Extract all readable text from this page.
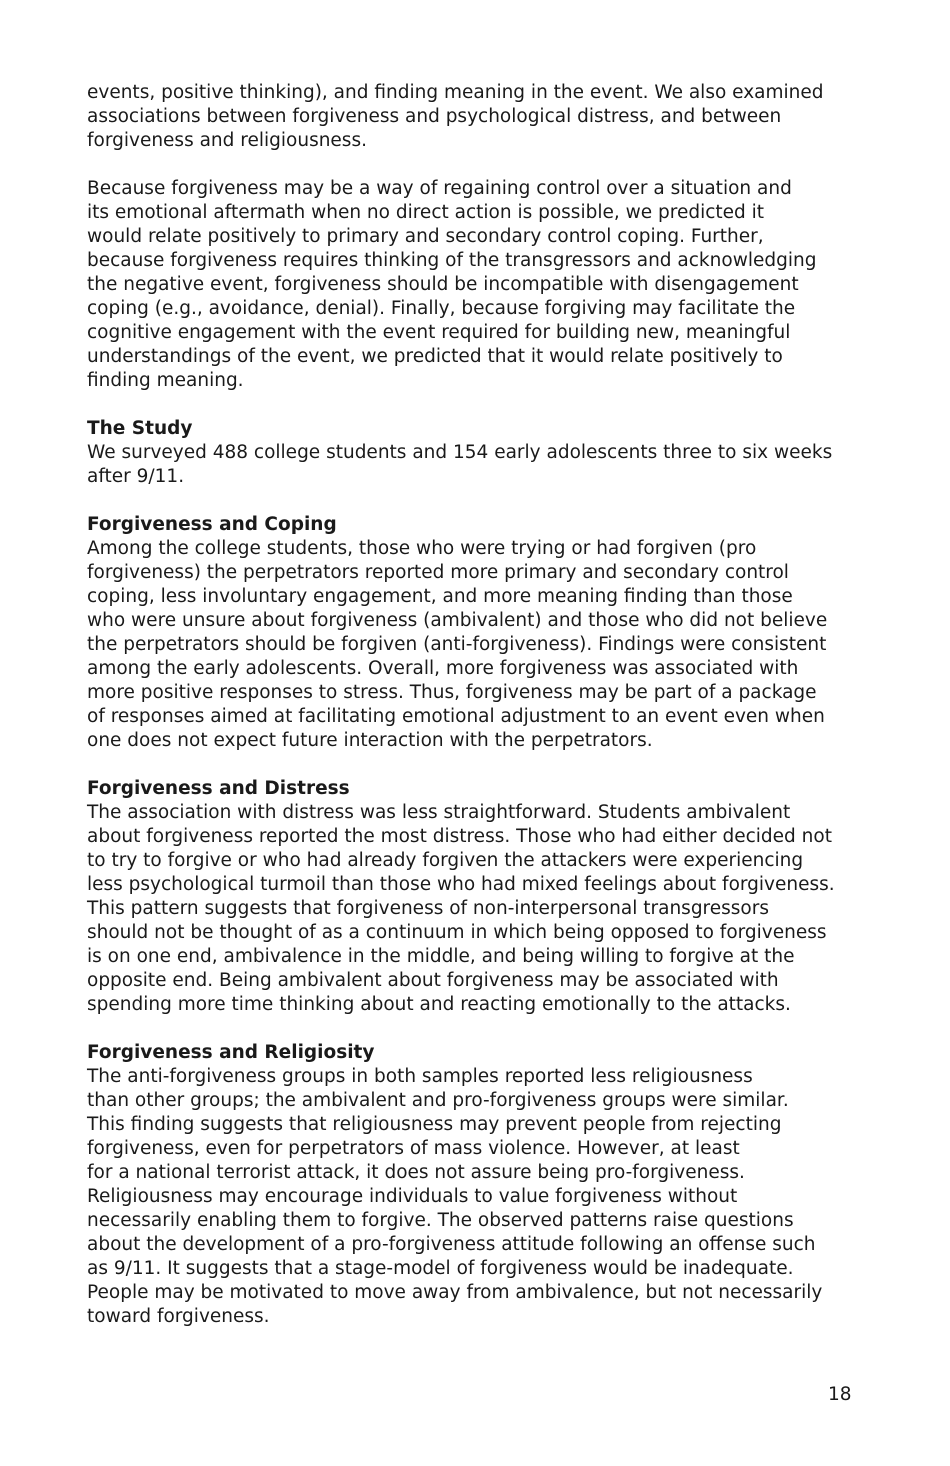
events, positive thinking), and finding meaning in the event. We also examined
associations between forgiveness and psychological distress, and between
forgiveness and religiousness.

Because forgiveness may be a way of regaining control over a situation and
its emotional aftermath when no direct action is possible, we predicted it
would relate positively to primary and secondary control coping. Further,
because forgiveness requires thinking of the transgressors and acknowledging
the negative event, forgiveness should be incompatible with disengagement
coping (e.g., avoidance, denial). Finally, because forgiving may facilitate the
cognitive engagement with the event required for building new, meaningful
understandings of the event, we predicted that it would relate positively to
finding meaning.

The Study

We surveyed 488 college students and 154 early adolescents three to six weeks
after 9/11.

Forgiveness and Coping

Among the college students, those who were trying or had forgiven (pro
forgiveness) the perpetrators reported more primary and secondary control
coping, less involuntary engagement, and more meaning finding than those
who were unsure about forgiveness (ambivalent) and those who did not believe
the perpetrators should be forgiven (anti-forgiveness). Findings were consistent
among the early adolescents. Overall, more forgiveness was associated with
more positive responses to stress. Thus, forgiveness may be part of a package
of responses aimed at facilitating emotional adjustment to an event even when
one does not expect future interaction with the perpetrators.

Forgiveness and Distress

The association with distress was less straightforward. Students ambivalent
about forgiveness reported the most distress. Those who had either decided not
to try to forgive or who had already forgiven the attackers were experiencing
less psychological turmoil than those who had mixed feelings about forgiveness.
This pattern suggests that forgiveness of non-interpersonal transgressors
should not be thought of as a continuum in which being opposed to forgiveness
is on one end, ambivalence in the middle, and being willing to forgive at the
opposite end. Being ambivalent about forgiveness may be associated with
spending more time thinking about and reacting emotionally to the attacks.

Forgiveness and Religiosity

The anti-forgiveness groups in both samples reported less religiousness
than other groups; the ambivalent and pro-forgiveness groups were similar.
This finding suggests that religiousness may prevent people from rejecting
forgiveness, even for perpetrators of mass violence. However, at least
for a national terrorist attack, it does not assure being pro-forgiveness.
Religiousness may encourage individuals to value forgiveness without
necessarily enabling them to forgive. The observed patterns raise questions
about the development of a pro-forgiveness attitude following an offense such
as 9/11. It suggests that a stage-model of forgiveness would be inadequate.
People may be motivated to move away from ambivalence, but not necessarily
toward forgiveness.

18
